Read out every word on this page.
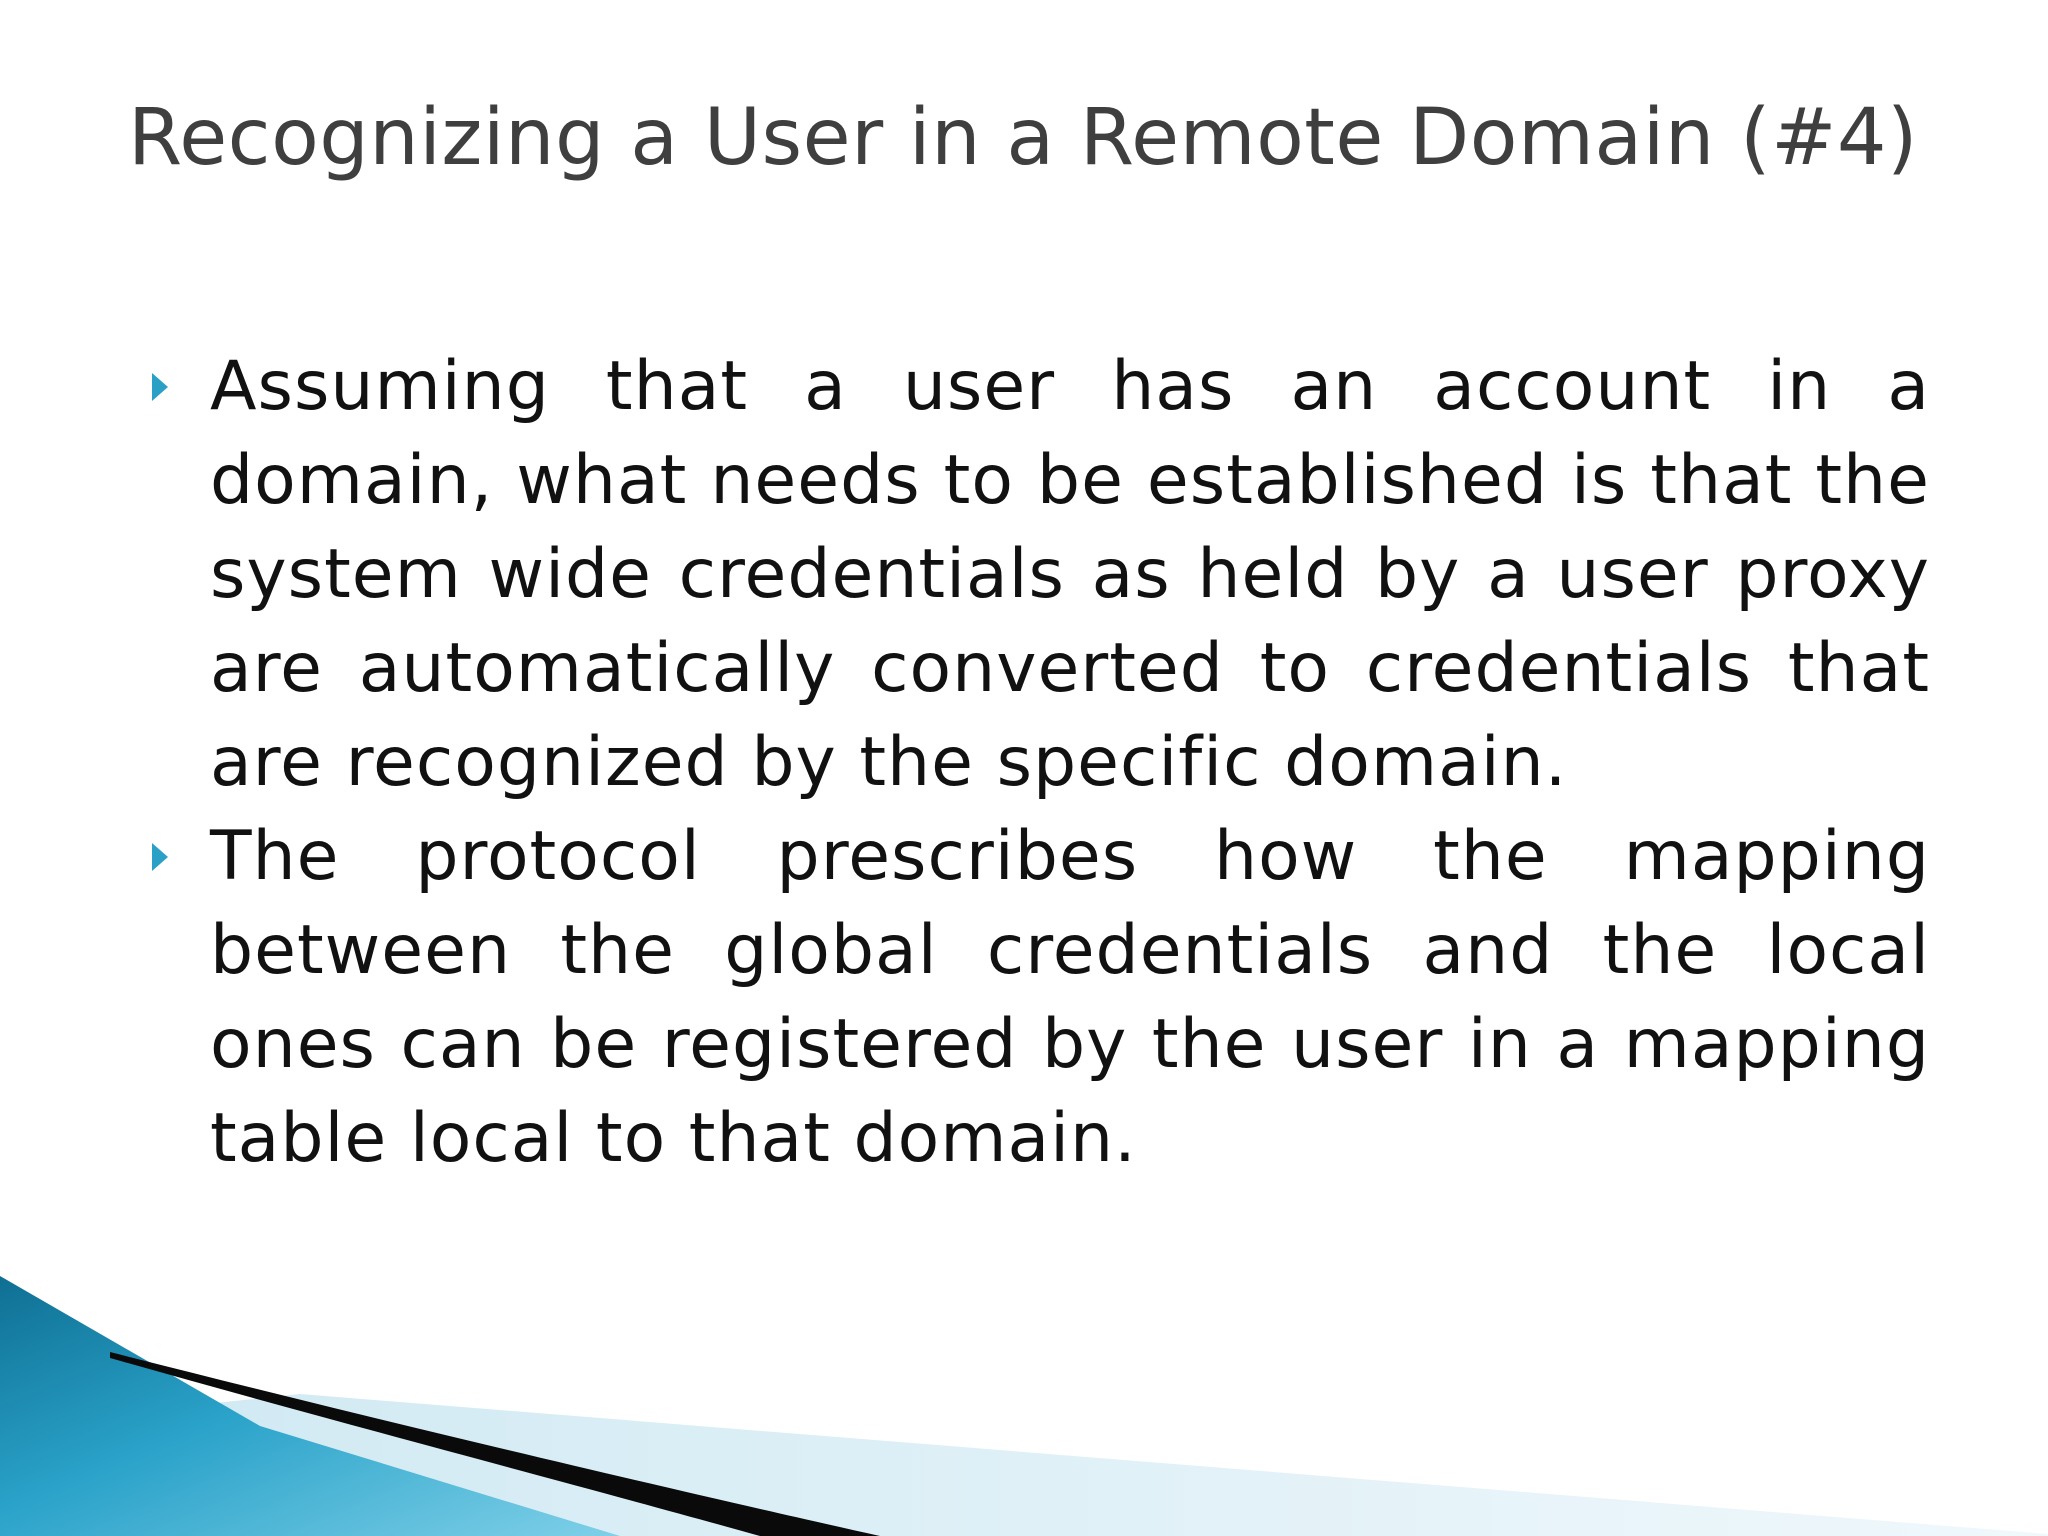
Recognizing a User in a Remote Domain (#4)
Assuming that a user has an account in a domain, what needs to be established is that the system wide credentials as held by a user proxy are automatically converted to credentials that are recognized by the specific domain.
The protocol prescribes how the mapping between the global credentials and the local ones can be registered by the user in a mapping table local to that domain.
